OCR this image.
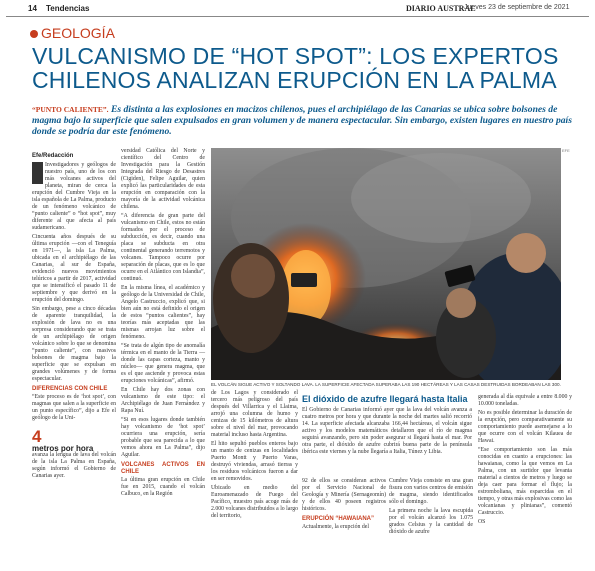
14 Tendencias	DIARIO AUSTRAL
Jueves 23 de septiembre de 2021
GEOLOGÍA
VULCANISMO DE “HOT SPOT”: LOS EXPERTOS CHILENOS ANALIZAN ERUPCIÓN EN LA PALMA
“PUNTO CALIENTE”. Es distinta a las explosiones en macizos chilenos, pues el archipiélago de las Canarias se ubica sobre bolsones de magma bajo la superficie que salen expulsados en gran volumen y de manera espectacular. Sin embargo, existen lugares en nuestro país donde se podría dar este fenómeno.
Efe/Redacción

Investigadores y geólogos de nuestro país, uno de los con más volcanes activos del planeta, miran de cerca la erupción del Cumbre Vieja en la isla española de La Palma, producto de un fenómeno volcánico de “punto caliente” o “hot spot”, muy diferente al que afecta al país sudamericano.

Cincuenta años después de su última erupción —con el Teneguía en 1971—, la isla La Palma, ubicada en el archipiélago de las Canarias, al sur de España, evidenció nuevos movimientos telúricos a partir de 2017, actividad que se intensificó el pasado 11 de septiembre y que derivó en la erupción del domingo.

Sin embargo, pese a cinco décadas de aparente tranquilidad, la explosión de lava no es una sorpresa considerando que se trata de un archipiélago de origen volcánico sobre lo que se denomina “punto caliente”, con masivos bolsones de magma bajo la superficie que se expulsan en grandes volúmenes y de forma espectacular.

DIFERENCIAS CON CHILE

“Este proceso es de ‘hot spot’, con magmas que salen a la superficie en un punto específico”, dijo a Efe el geólogo de la Uni-

4
metros por hora

avanza la lengua de lava del volcán de la isla La Palma en España, según informó el Gobierno de Canarias ayer.

versidad Católica del Norte y científico del Centro de Investigación para la Gestión Integrada del Riesgo de Desastres (Cigiden), Felipe Aguilar, quien explicó las particularidades de esta erupción en comparación con la mayoría de la actividad volcánica chilena.

“A diferencia de gran parte del vulcanismo en Chile, estos no están formados por el proceso de subducción, es decir, cuando una placa se subducta en otra continental generando terremotos y volcanes. Tampoco ocurre por separación de placas, que es lo que ocurre en el Atlántico con Islandia”, continuó.

En la misma línea, el académico y geólogo de la Universidad de Chile, Angelo Castruccio, explicó que, si bien aún no está definido el origen de estos “puntos calientes”, hay teorías más aceptadas que las mismas arrojan luz sobre el fenómeno.

“Se trata de algún tipo de anomalía térmica en el manto de la Tierra —donde las capas corteza, manto y núcleo— que genera magma, que es el que asciende y provoca estas erupciones volcánicas”, afirmó.

En Chile hay dos zonas con vulcanismo de este tipo: el Archipiélago de Juan Fernández y Rapa Nuí.

“Si en esos lugares donde también hay volcanismo de ‘hot spot’ ocurriera una erupción, sería probable que sea parecida a lo que vemos ahora en La Palma”, dijo Aguilar.

VOLCANES ACTIVOS EN CHILE

La última gran erupción en Chile fue en 2015, cuando el volcán Calbuco, en la Región

EFE
EL VOLCÁN SIGUE ACTIVO Y SOLTANDO LAVA. LA SUPERFICIE AFECTADA SUPERABA LAS 190 HECTÁREAS Y LAS CASAS DESTRUIDAS BORDEABAN LAS 300.

de Los Lagos y considerado el tercero más peligroso del país después del Villarrica y el Llaima, arrojó una columna de humo y cenizas de 15 kilómetros de altura sobre el nivel del mar, provocando material incluso hasta Argentina.

El hito sepultó pueblos enteros bajo un manto de cenizas en localidades Puerto Montt y Puerto Varas, destruyó viviendas, arrasó tierras y los residuos volcánicos fueron a dar en ser removidos.

Ubicado en medio del Euroamenazado de Fuego del Pacífico, muestro país acoge más de 2.000 volcanes distribuidos a lo largo del territorio,

El dióxido de azufre llegará hasta Italia
El Gobierno de Canarias informó ayer que la lava del volcán avanza a cuatro metros por hora y que durante la noche del martes salió recorrió 14. La superficie afectada alcanzaba 166,44 hectáreas, el volcán sigue activo y los modelos matemáticos detallaron que el río de magma seguirá avanzando, pero sin poder asegurar si llegará hasta el mar. Por otra parte, el dióxido de azufre cubrirá buena parte de la península ibérica este viernes y la nube llegaría a Italia, Túnez y Libia.

92 de ellos se consideran activos por el Servicio Nacional de Geología y Minería (Sernageomín) y de ellos 40 poseen registros históricos.

ERUPCIÓN “HAWAIANA”

Actualmente, la erupción del

Cumbre Vieja consiste en una gran fisura con varios centros de emisión de magma, siendo identificados sólo el domingo.

La primera noche la lava escupida por el volcán alcanzó los 1.075 grados Celsius y la cantidad de dióxido de azufre

generada al día equivale a entre 8.000 y 10.000 toneladas.

No es posible determinar la duración de la erupción, pero comparativamente su comportamiento puede asemejarse a lo que ocurre con el volcán Kilauea de Hawai.

“Ese comportamiento son las más conocidas en cuanto a erupciones: las hawaianas, como la que vemos en La Palma, con un surtidor que levanta material a cientos de metros y luego se deja caer para formar el flujo; la estromboliana, más esparcidas en el tiempo, y otras más explosivas como las volcanianas y plinianas”, comentó Castruccio.

OS
